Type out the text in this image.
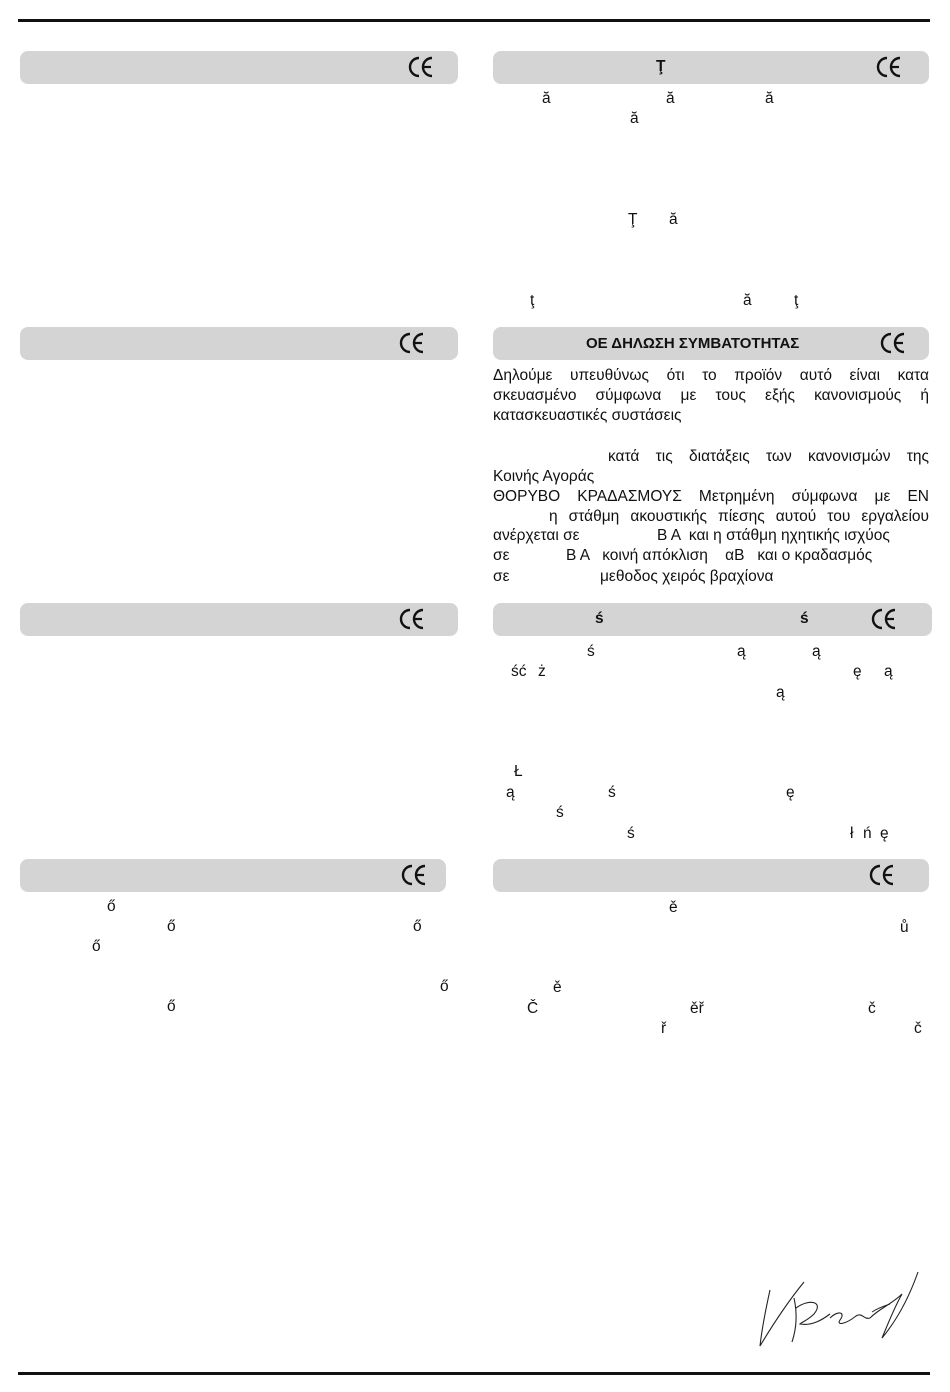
Ţ
ă	ă	ă
ă
Ţ ă
ţ	ă	ţ
ΟΕ ΔΗΛΩΣΗ ΣΥΜΒΑΤΟΤΗΤΑΣ
Δηλούμε υπευθύνως ότι το προϊόν αυτό είναι κατα
σκευασμένο σύμφωνα με τους εξής κανονισμούς ή
κατασκευαστικές συστάσεις
κατά τις διατάξεις των κανονισμών της
Κοινής Αγοράς
ΘΟΡΥΒΟ ΚΡΑΔΑΣΜΟΥΣ Μετρημένη σύμφωνα με ΕΝ
η στάθμη ακουστικής πίεσης αυτού του εργαλείου
ανέρχεται σε	Β Α  και η στάθμη ηχητικής ισχύος
σε	Β Α   κοινή απόκλιση    αΒ   και ο κραδασμός
σε	μεθοδος χειρός βραχίονα
ś	ś
ś	ą	ą
ść ż	ę ą
ą
Ł
ą	ś	ę
ś
ś	ł ń ę
ő
ő	ő
ő
ő
ő
ě
ů
ě
Č	ěř	č
ř	č
